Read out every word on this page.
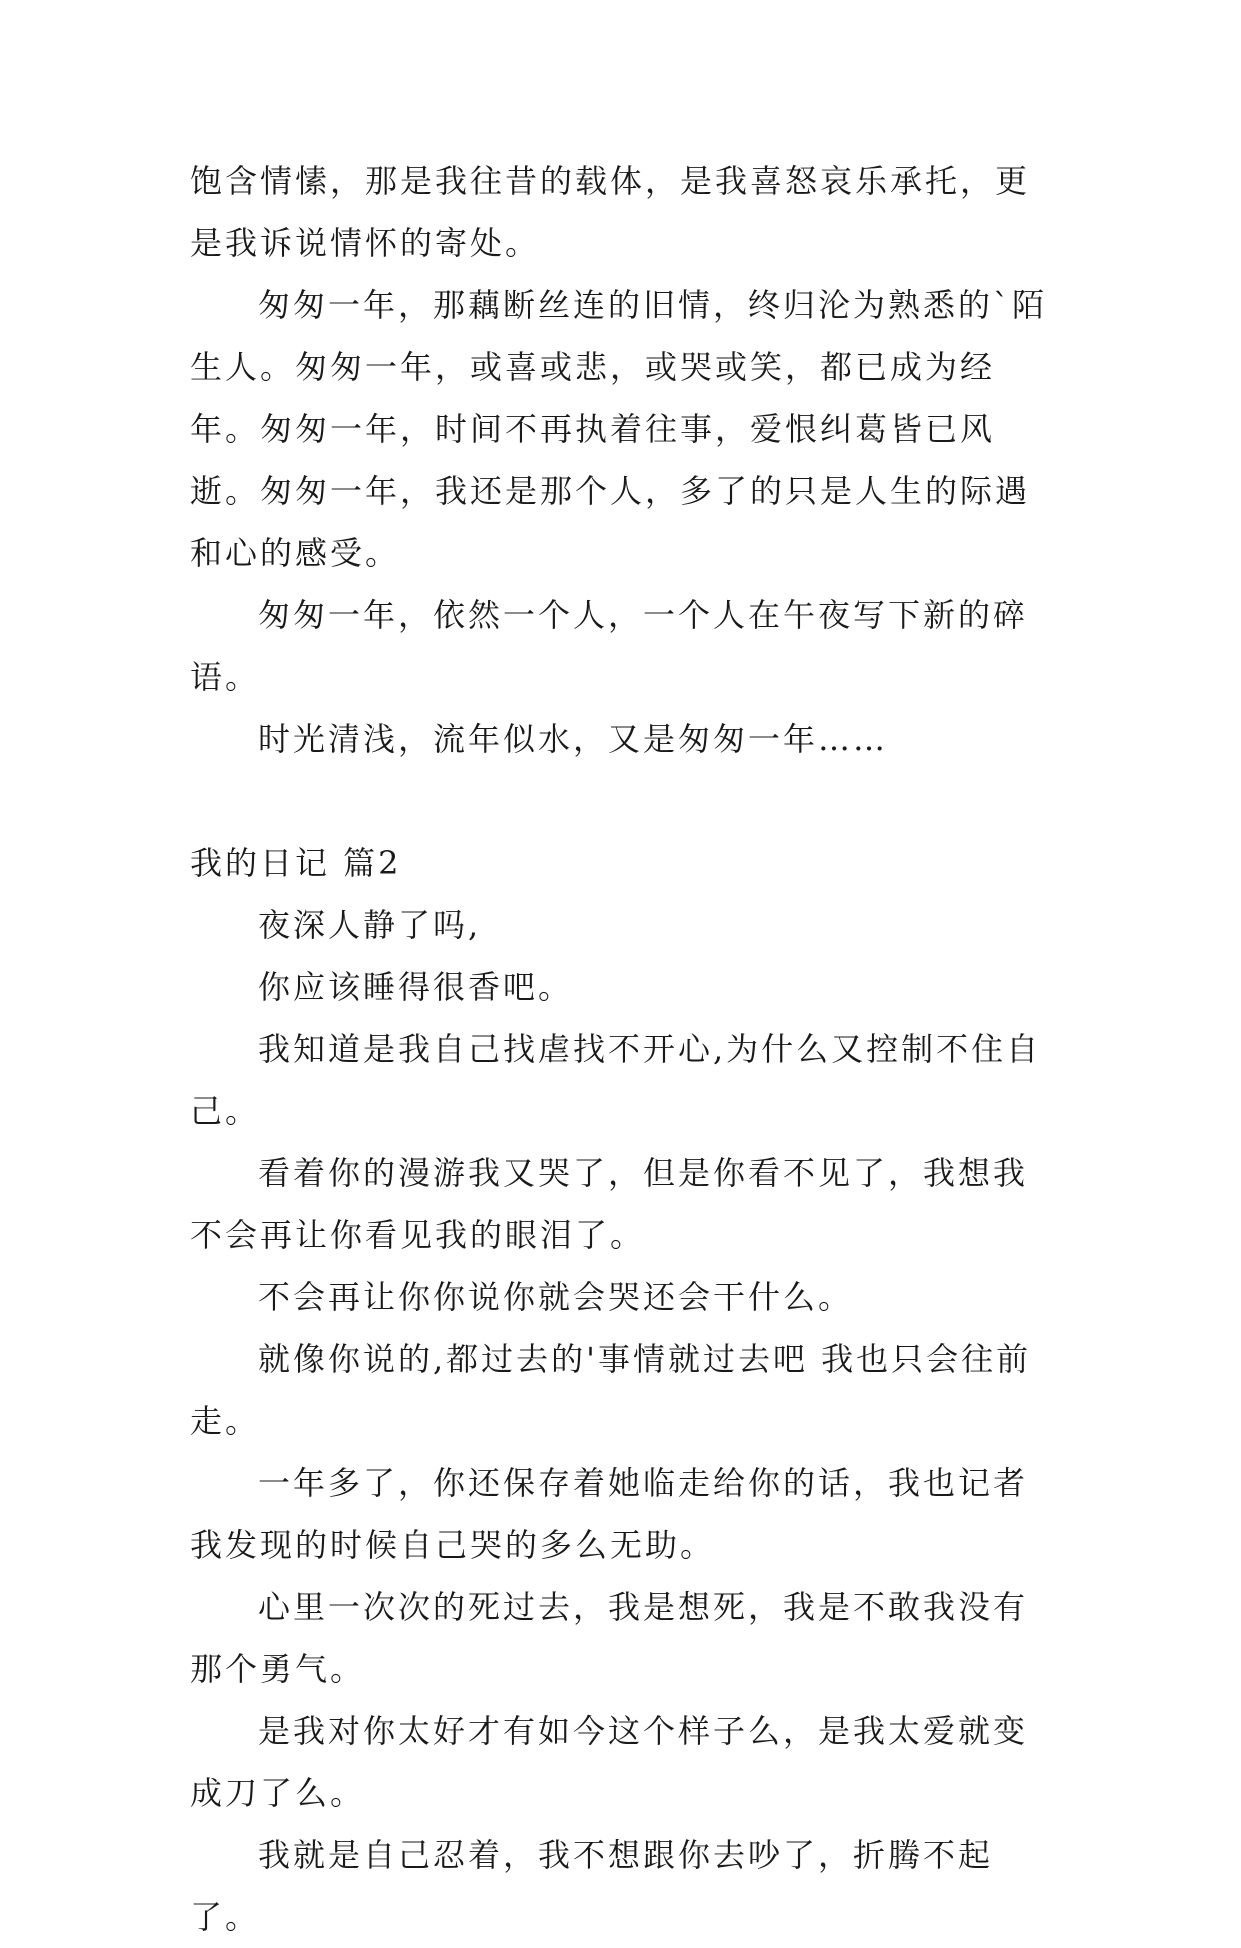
饱含情愫，那是我往昔的载体，是我喜怒哀乐承托，更是我诉说情怀的寄处。

匆匆一年，那藕断丝连的旧情，终归沦为熟悉的`陌生人。匆匆一年，或喜或悲，或哭或笑，都已成为经年。匆匆一年，时间不再执着往事，爱恨纠葛皆已风逝。匆匆一年，我还是那个人，多了的只是人生的际遇和心的感受。

匆匆一年，依然一个人，一个人在午夜写下新的碎语。

时光清浅，流年似水，又是匆匆一年……

我的日记 篇2

夜深人静了吗,

你应该睡得很香吧。

我知道是我自己找虐找不开心,为什么又控制不住自己。

看着你的漫游我又哭了，但是你看不见了，我想我不会再让你看见我的眼泪了。

不会再让你你说你就会哭还会干什么。

就像你说的,都过去的'事情就过去吧 我也只会往前走。

一年多了，你还保存着她临走给你的话，我也记者我发现的时候自己哭的多么无助。

心里一次次的死过去，我是想死，我是不敢我没有那个勇气。

是我对你太好才有如今这个样子么，是我太爱就变成刀了么。

我就是自己忍着，我不想跟你去吵了，折腾不起了。
